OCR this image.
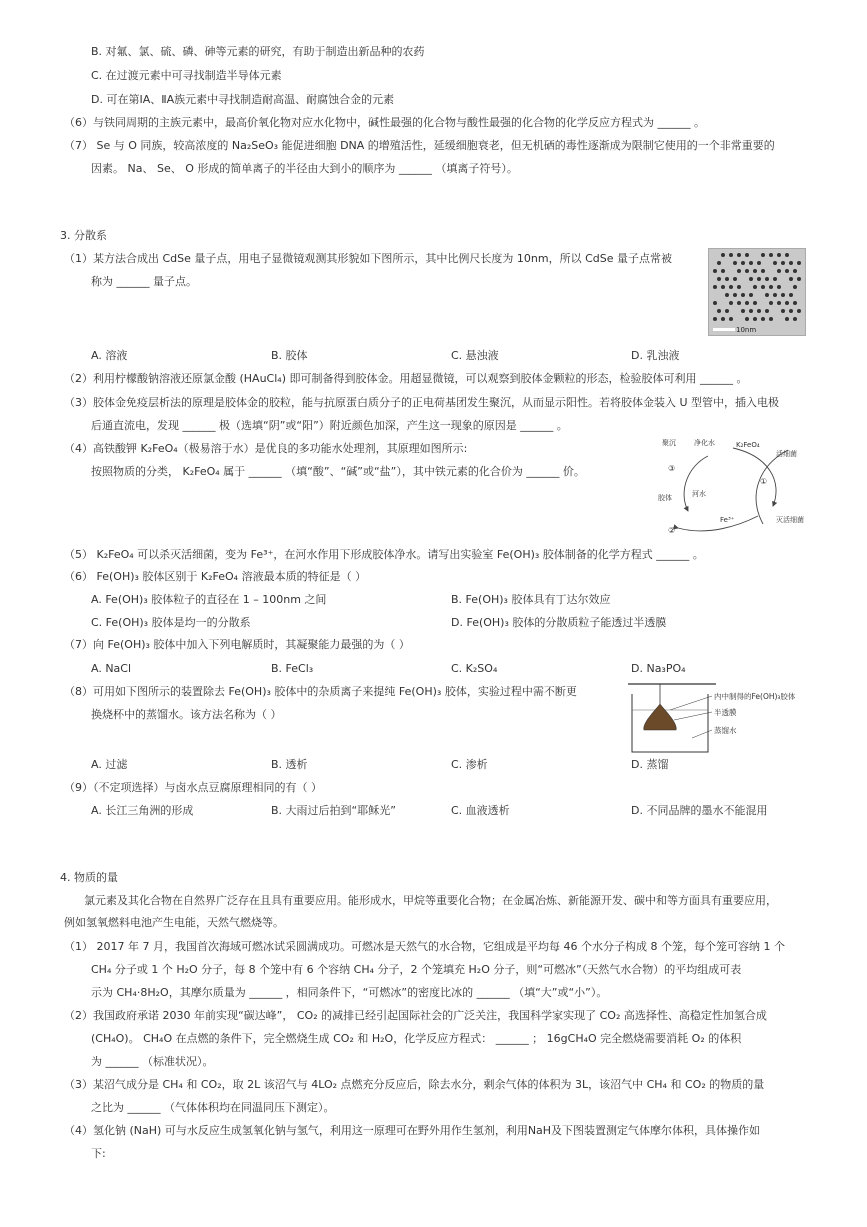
B. 对氟、氯、硫、磷、砷等元素的研究，有助于制造出新品种的农药
C. 在过渡元素中可寻找制造半导体元素
D. 可在第ⅠA、ⅡA族元素中寻找制造耐高温、耐腐蚀合金的元素
（6）与铁同周期的主族元素中，最高价氧化物对应水化物中，碱性最强的化合物与酸性最强的化合物的化学反应方程式为 ______ 。
（7） Se 与 O 同族，较高浓度的 Na₂SeO₃ 能促进细胞 DNA 的增殖活性，延缓细胞衰老，但无机硒的毒性逐渐成为限制它使用的一个非常重要的
因素。 Na、 Se、 O 形成的简单离子的半径由大到小的顺序为 ______ （填离子符号）。
3. 分散系
（1）某方法合成出 CdSe 量子点，用电子显微镜观测其形貌如下图所示，其中比例尺长度为 10nm，所以 CdSe 量子点常被
称为 ______ 量子点。
10nm
A. 溶液	B. 胶体	C. 悬浊液	D. 乳浊液
（2）利用柠檬酸钠溶液还原氯金酸 (HAuCl₄) 即可制备得到胶体金。用超显微镜，可以观察到胶体金颗粒的形态，检验胶体可利用 ______ 。
（3）胶体金免疫层析法的原理是胶体金的胶粒，能与抗原蛋白质分子的正电荷基团发生聚沉，从而显示阳性。若将胶体金装入 U 型管中，插入电极
后通直流电，发现 ______ 极（选填“阴”或“阳”）附近颜色加深，产生这一现象的原因是 ______ 。
（4）高铁酸钾 K₂FeO₄（极易溶于水）是优良的多功能水处理剂，其原理如图所示:
按照物质的分类， K₂FeO₄ 属于 ______ （填“酸”、“碱”或“盐”），其中铁元素的化合价为 ______ 价。
聚沉	净化水	K₂FeO₄
活细菌
③
①
胶体	河水
Fe³⁺
②
灭活细菌
（5） K₂FeO₄ 可以杀灭活细菌，变为 Fe³⁺，在河水作用下形成胶体净水。请写出实验室 Fe(OH)₃ 胶体制备的化学方程式 ______ 。
（6） Fe(OH)₃ 胶体区别于 K₂FeO₄ 溶液最本质的特征是（ ）
A. Fe(OH)₃ 胶体粒子的直径在 1 – 100nm 之间	B. Fe(OH)₃ 胶体具有丁达尔效应
C. Fe(OH)₃ 胶体是均一的分散系	D. Fe(OH)₃ 胶体的分散质粒子能透过半透膜
（7）向 Fe(OH)₃ 胶体中加入下列电解质时，其凝聚能力最强的为（ ）
A. NaCl	B. FeCl₃	C. K₂SO₄	D. Na₃PO₄
（8）可用如下图所示的装置除去 Fe(OH)₃ 胶体中的杂质离子来提纯 Fe(OH)₃ 胶体，实验过程中需不断更
换烧杯中的蒸馏水。该方法名称为（ ）
内中制得的Fe(OH)₃胶体
半透膜
蒸馏水
A. 过滤	B. 透析	C. 渗析	D. 蒸馏
（9）（不定项选择）与卤水点豆腐原理相同的有（ ）
A. 长江三角洲的形成	B. 大雨过后拍到“耶稣光”	C. 血液透析	D. 不同品牌的墨水不能混用
4. 物质的量
氯元素及其化合物在自然界广泛存在且具有重要应用。能形成水，甲烷等重要化合物；在金属冶炼、新能源开发、碳中和等方面具有重要应用，
例如氢氧燃料电池产生电能，天然气燃烧等。
（1） 2017 年 7 月，我国首次海域可燃冰试采圆满成功。可燃冰是天然气的水合物，它组成是平均每 46 个水分子构成 8 个笼，每个笼可容纳 1 个
CH₄ 分子或 1 个 H₂O 分子，每 8 个笼中有 6 个容纳 CH₄ 分子，2 个笼填充 H₂O 分子，则“可燃冰”（天然气水合物）的平均组成可表
示为 CH₄·8H₂O，其摩尔质量为 ______ ，相同条件下，“可燃冰”的密度比冰的 ______ （填“大”或“小”）。
（2）我国政府承诺 2030 年前实现“碳达峰”， CO₂ 的减排已经引起国际社会的广泛关注，我国科学家实现了 CO₂ 高选择性、高稳定性加氢合成
(CH₄O)。 CH₄O 在点燃的条件下，完全燃烧生成 CO₂ 和 H₂O，化学反应方程式： ______ ； 16gCH₄O 完全燃烧需要消耗 O₂ 的体积
为 ______ （标准状况）。
（3）某沼气成分是 CH₄ 和 CO₂，取 2L 该沼气与 4LO₂ 点燃充分反应后，除去水分，剩余气体的体积为 3L，该沼气中 CH₄ 和 CO₂ 的物质的量
之比为 ______ （气体体积均在同温同压下测定）。
（4）氢化钠 (NaH) 可与水反应生成氢氧化钠与氢气，利用这一原理可在野外用作生氢剂，利用NaH及下图装置测定气体摩尔体积，具体操作如
下:
